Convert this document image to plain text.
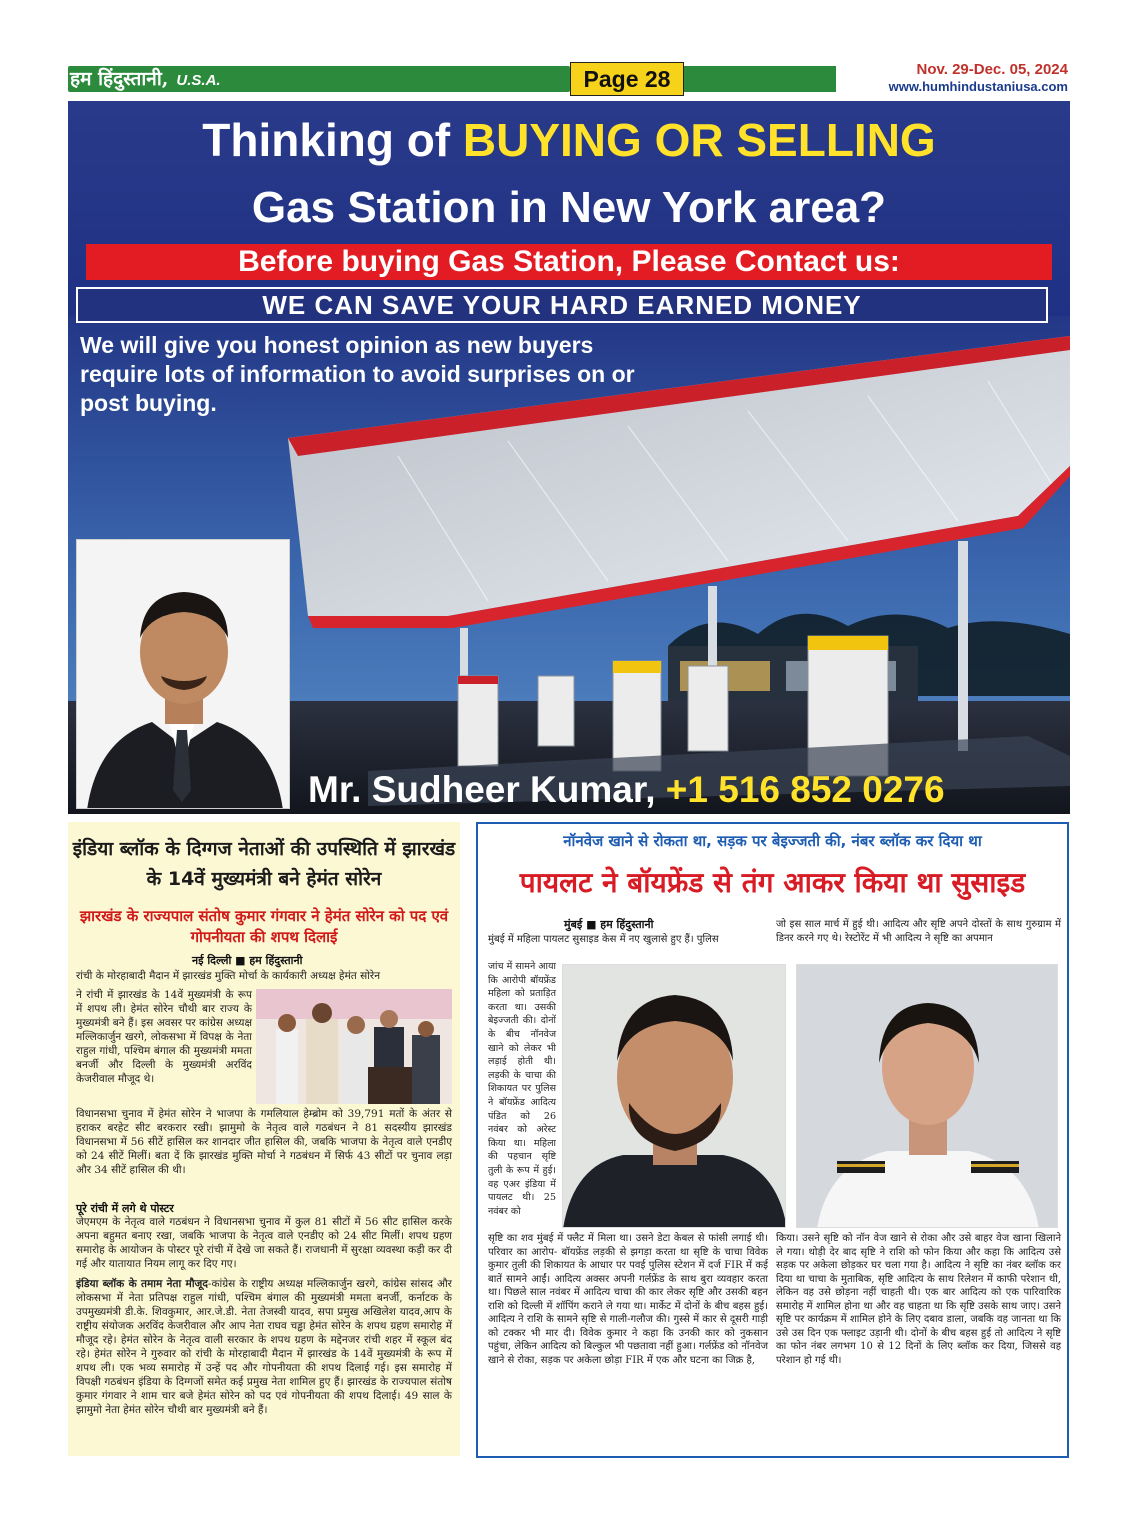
हम हिंदुस्तानी, U.S.A.	Page 28	Nov. 29-Dec. 05, 2024
www.humhindustaniusa.com
Thinking of BUYING OR SELLING
Gas Station in New York area?
Before buying Gas Station, Please Contact us:
WE CAN SAVE YOUR HARD EARNED MONEY
We will give you honest opinion as new buyers require lots of information to avoid surprises on or post buying.
Mr. Sudheer Kumar, +1 516 852 0276
इंडिया ब्लॉक के दिग्गज नेताओं की उपस्थिति में झारखंड के 14वें मुख्यमंत्री बने हेमंत सोरेन
झारखंड के राज्यपाल संतोष कुमार गंगवार ने हेमंत सोरेन को पद एवं गोपनीयता की शपथ दिलाई
नई दिल्ली ■ हम हिंदुस्तानी

रांची के मोरहाबादी मैदान में झारखंड मुक्ति मोर्चा के कार्यकारी अध्यक्ष हेमंत सोरेन

ने रांची में झारखंड के 14वें मुख्यमंत्री के रूप में शपथ ली। हेमंत सोरेन चौथी बार राज्य के मुख्यमंत्री बने हैं। इस अवसर पर कांग्रेस अध्यक्ष मल्लिकार्जुन खरगे, लोकसभा में विपक्ष के नेता राहुल गांधी, पश्चिम बंगाल की मुख्यमंत्री ममता बनर्जी और दिल्ली के मुख्यमंत्री अरविंद केजरीवाल मौजूद थे।

विधानसभा चुनाव में हेमंत सोरेन ने भाजपा के गमलियाल हेम्ब्रोम को 39,791 मतों के अंतर से हराकर बरहेट सीट बरकरार रखी। झामुमो के नेतृत्व वाले गठबंधन ने 81 सदस्यीय झारखंड विधानसभा में 56 सीटें हासिल कर शानदार जीत हासिल की, जबकि भाजपा के नेतृत्व वाले एनडीए को 24 सीटें मिलीं। बता दें कि झारखंड मुक्ति मोर्चा ने गठबंधन में सिर्फ 43 सीटों पर चुनाव लड़ा और 34 सीटें हासिल की थी।

पूरे रांची में लगे थे पोस्टर

जेएमएम के नेतृत्व वाले गठबंधन ने विधानसभा चुनाव में कुल 81 सीटों में 56 सीट हासिल करके अपना बहुमत बनाए रखा, जबकि भाजपा के नेतृत्व वाले एनडीए को 24 सीट मिलीं। शपथ ग्रहण समारोह के आयोजन के पोस्टर पूरे रांची में देखे जा सकते हैं। राजधानी में सुरक्षा व्यवस्था कड़ी कर दी गई और यातायात नियम लागू कर दिए गए।

इंडिया ब्लॉक के तमाम नेता मौजूद-कांग्रेस के राष्ट्रीय अध्यक्ष मल्लिकार्जुन खरगे, कांग्रेस सांसद और लोकसभा में नेता प्रतिपक्ष राहुल गांधी, पश्चिम बंगाल की मुख्यमंत्री ममता बनर्जी, कर्नाटक के उपमुख्यमंत्री डी.के. शिवकुमार, आर.जे.डी. नेता तेजस्वी यादव, सपा प्रमुख अखिलेश यादव,आप के राष्ट्रीय संयोजक अरविंद केजरीवाल और आप नेता राघव चड्ढा हेमंत सोरेन के शपथ ग्रहण समारोह में मौजूद रहे। हेमंत सोरेन के नेतृत्व वाली सरकार के शपथ ग्रहण के मद्देनजर रांची शहर में स्कूल बंद रहे। हेमंत सोरेन ने गुरुवार को रांची के मोरहाबादी मैदान में झारखंड के 14वें मुख्यमंत्री के रूप में शपथ ली। एक भव्य समारोह में उन्हें पद और गोपनीयता की शपथ दिलाई गई। इस समारोह में विपक्षी गठबंधन इंडिया के दिग्गजों समेत कई प्रमुख नेता शामिल हुए हैं। झारखंड के राज्यपाल संतोष कुमार गंगवार ने शाम चार बजे हेमंत सोरेन को पद एवं गोपनीयता की शपथ दिलाई। 49 साल के झामुमो नेता हेमंत सोरेन चौथी बार मुख्यमंत्री बने हैं।

नॉनवेज खाने से रोकता था, सड़क पर बेइज्जती की, नंबर ब्लॉक कर दिया था
पायलट ने बॉयफ्रेंड से तंग आकर किया था सुसाइड
मुंबई ■ हम हिंदुस्तानी

मुंबई में महिला पायलट सुसाइड केस में नए खुलासे हुए हैं। पुलिस

जांच में सामने आया कि आरोपी बॉयफ्रेंड महिला को प्रताड़ित करता था। उसकी बेइज्जती की। दोनों के बीच नॉनवेज खाने को लेकर भी लड़ाई होती थी। लड़की के चाचा की शिकायत पर पुलिस ने बॉयफ्रेंड आदित्य पंडित को 26 नवंबर को अरेस्ट किया था। महिला की पहचान सृष्टि तुली के रूप में हुई। वह एअर इंडिया में पायलट थी। 25 नवंबर को

जो इस साल मार्च में हुई थी। आदित्य और सृष्टि अपने दोस्तों के साथ गुरुग्राम में डिनर करने गए थे। रेस्टोरेंट में भी आदित्य ने सृष्टि का अपमान

सृष्टि का शव मुंबई में फ्लैट में मिला था। उसने डेटा केबल से फांसी लगाई थी। परिवार का आरोप- बॉयफ्रेंड लड़की से झगड़ा करता था सृष्टि के चाचा विवेक कुमार तुली की शिकायत के आधार पर पवई पुलिस स्टेशन में दर्ज FIR में कई बातें सामने आईं। आदित्य अक्सर अपनी गर्लफ्रेंड के साथ बुरा व्यवहार करता था। पिछले साल नवंबर में आदित्य चाचा की कार लेकर सृष्टि और उसकी बहन राशि को दिल्ली में शॉपिंग कराने ले गया था। मार्केट में दोनों के बीच बहस हुई। आदित्य ने राशि के सामने सृष्टि से गाली-गलौज की। गुस्से में कार से दूसरी गाड़ी को टक्कर भी मार दी। विवेक कुमार ने कहा कि उनकी कार को नुकसान पहुंचा, लेकिन आदित्य को बिल्कुल भी पछतावा नहीं हुआ। गर्लफ्रेंड को नॉनवेज खाने से रोका, सड़क पर अकेला छोड़ा FIR में एक और घटना का जिक्र है,

किया। उसने सृष्टि को नॉन वेज खाने से रोका और उसे बाहर वेज खाना खिलाने ले गया। थोड़ी देर बाद सृष्टि ने राशि को फोन किया और कहा कि आदित्य उसे सड़क पर अकेला छोड़कर घर चला गया है। आदित्य ने सृष्टि का नंबर ब्लॉक कर दिया था चाचा के मुताबिक, सृष्टि आदित्य के साथ रिलेशन में काफी परेशान थी, लेकिन वह उसे छोड़ना नहीं चाहती थी। एक बार आदित्य को एक पारिवारिक समारोह में शामिल होना था और वह चाहता था कि सृष्टि उसके साथ जाए। उसने सृष्टि पर कार्यक्रम में शामिल होने के लिए दबाव डाला, जबकि वह जानता था कि उसे उस दिन एक फ्लाइट उड़ानी थी। दोनों के बीच बहस हुई तो आदित्य ने सृष्टि का फोन नंबर लगभग 10 से 12 दिनों के लिए ब्लॉक कर दिया, जिससे वह परेशान हो गई थी।
